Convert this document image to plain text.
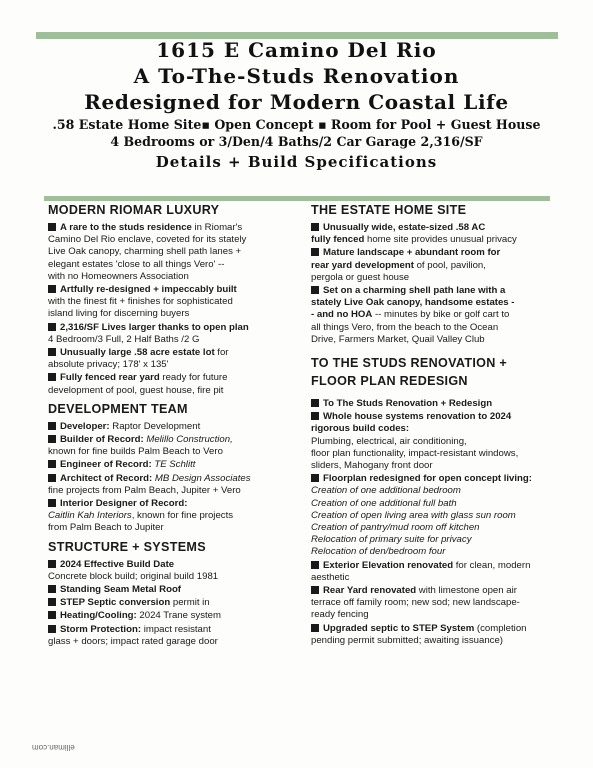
1615 E Camino Del Rio
A To-The-Studs Renovation
Redesigned for Modern Coastal Life
.58 Estate Home Site▪ Open Concept ▪ Room for Pool + Guest House
4 Bedrooms or 3/Den/4 Baths/2 Car Garage 2,316/SF
Details + Build Specifications
MODERN RIOMAR LUXURY
A rare to the studs residence in Riomar's
Camino Del Rio enclave, coveted for its stately
Live Oak canopy, charming shell path lanes +
elegant estates 'close to all things Vero' --
with no Homeowners Association
Artfully re-designed + impeccably built
with the finest fit + finishes for sophisticated
island living for discerning buyers
2,316/SF Lives larger thanks to open plan
4 Bedroom/3 Full, 2 Half Baths /2 G
Unusually large .58 acre estate lot for
absolute privacy; 178' x 135'
Fully fenced rear yard ready for future
development of pool, guest house, fire pit
DEVELOPMENT TEAM
Developer: Raptor Development
Builder of Record: Melillo Construction,
known for fine builds Palm Beach to Vero
Engineer of Record: TE Schlitt
Architect of Record: MB Design Associates
fine projects from Palm Beach, Jupiter + Vero
Interior Designer of Record:
Caitlin Kah Interiors, known for fine projects
from Palm Beach to Jupiter
STRUCTURE + SYSTEMS
2024 Effective Build Date
Concrete block build; original build 1981
Standing Seam Metal Roof
STEP Septic conversion permit in
Heating/Cooling: 2024 Trane system
Storm Protection: impact resistant
glass + doors; impact rated garage door
THE ESTATE HOME SITE
Unusually wide, estate-sized .58 AC
fully fenced home site provides unusual privacy
Mature landscape + abundant room for
rear yard development of pool, pavilion,
pergola or guest house
Set on a charming shell path lane with a
stately Live Oak canopy, handsome estates -
- and no HOA -- minutes by bike or golf cart to
all things Vero, from the beach to the Ocean
Drive, Farmers Market, Quail Valley Club
TO THE STUDS RENOVATION +
FLOOR PLAN REDESIGN
To The Studs Renovation + Redesign
Whole house systems renovation to 2024
rigorous build codes:
Plumbing, electrical, air conditioning,
floor plan functionality, impact-resistant windows,
sliders, Mahogany front door
Floorplan redesigned for open concept living:
Creation of one additional bedroom
Creation of one additional full bath
Creation of open living area with glass sun room
Creation of pantry/mud room off kitchen
Relocation of primary suite for privacy
Relocation of den/bedroom four
Exterior Elevation renovated for clean, modern
aesthetic
Rear Yard renovated with limestone open air
terrace off family room; new sod; new landscape-
ready fencing
Upgraded septic to STEP System (completion
pending permit submitted; awaiting issuance)
elliman.com
